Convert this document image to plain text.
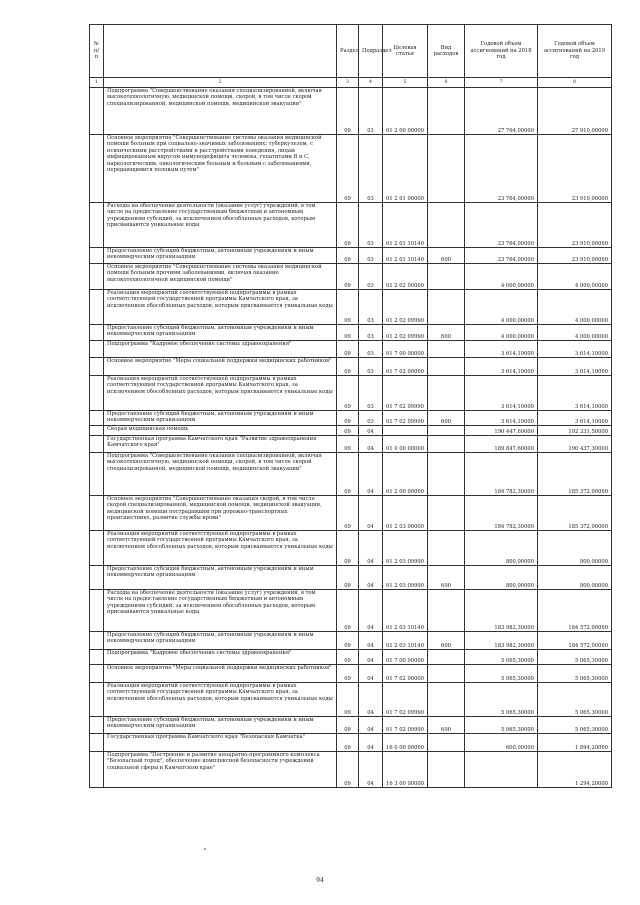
№ п/п		Раздел	Подраздел	Целевая статья	Вид расходов	Годовой объем ассигнований на 2018 год	Годовой объем ассигнований на 2019 год
1	2	3	4	5	6	7	8
	Подпрограмма "Совершенствование оказания специализированной, включая высокотехнологичную, медицинской помощи, скорой, в том числе скорой специализированной, медицинской помощи, медицинской эвакуации"	09	03	01 2 00 00000		27 764,00000	27 910,00000
	Основное мероприятие "Совершенствование системы оказания медицинской помощи больным при социально-значимых заболеваниях: туберкулезом, с психическими расстройствами и расстройствами поведения, лицам инфицированным вирусом иммунодефицита человека, гепатитами В и С, наркологическим, онкологическим больным и больным с заболеваниями, передающимися половым путем"	09	03	01 2 01 00000		23 764,00000	23 910,00000
	Расходы на обеспечение деятельности (оказание услуг) учреждений, в том числе на предоставление государственным бюджетным и автономным учреждениям субсидий, за исключением обособленных расходов, которым присваиваются уникальные коды	09	03	01 2 01 10140		23 764,00000	23 910,00000
	Предоставление субсидий бюджетным, автономным учреждениям и иным некоммерческим организациям	09	03	01 2 01 10140	600	23 764,00000	23 910,00000
	Основное мероприятие "Совершенствование системы оказания медицинской помощи больным прочими заболеваниями, включая оказание высокотехнологичной медицинской помощи"	09	03	01 2 02 00000		4 000,00000	4 000,00000
	Реализация мероприятий соответствующей подпрограммы в рамках соответствующей государственной программы Камчатского края, за исключением обособленных расходов, которым присваиваются уникальные коды	09	03	01 2 02 09990		4 000,00000	4 000,00000
	Предоставление субсидий бюджетным, автономным учреждениям и иным некоммерческим организациям	09	03	01 2 02 09990	600	4 000,00000	4 000,00000
	Подпрограмма "Кадровое обеспечение системы здравоохранения"	09	03	01 7 00 00000		3 614,10000	3 614,10000
	Основное мероприятие "Меры социальной поддержки медицинских работников"	09	03	01 7 02 00000		3 614,10000	3 614,10000
	Реализация мероприятий соответствующей подпрограммы в рамках соответствующей государственной программы Камчатского края, за исключением обособленных расходов, которым присваиваются уникальные коды	09	03	01 7 02 09990		3 614,10000	3 614,10000
	Предоставление субсидий бюджетным, автономным учреждениям и иным некоммерческим организациям	09	03	01 7 02 09990	600	3 614,10000	3 614,10000
	Скорая медицинская помощь	09	04			190 447,60000	192 331,50000
	Государственная программа Камчатского края "Развитие здравоохранения Камчатского края"	09	04	01 0 00 00000		189 847,60000	190 437,30000
	Подпрограмма "Совершенствование оказания специализированной, включая высокотехнологичную, медицинской помощи, скорой, в том числе скорой специализированной, медицинской помощи, медицинской эвакуации"	09	04	01 2 00 00000		184 782,30000	185 372,00000
	Основное мероприятие "Совершенствование оказания скорой, в том числе скорой специализированной, медицинской помощи, медицинской эвакуации, медицинской помощи пострадавшим при дорожно-транспортных происшествиях, развитие службы крови"	09	04	01 2 03 00000		184 782,30000	185 372,00000
	Реализация мероприятий соответствующей подпрограммы в рамках соответствующей государственной программы Камчатского края, за исключением обособленных расходов, которым присваиваются уникальные коды	09	04	01 2 03 09990		800,00000	800,00000
	Предоставление субсидий бюджетным, автономным учреждениям и иным некоммерческим организациям	09	04	01 2 03 09990	600	800,00000	800,00000
	Расходы на обеспечение деятельности (оказание услуг) учреждений, в том числе на предоставление государственным бюджетным и автономным учреждениям субсидий, за исключением обособленных расходов, которым присваиваются уникальные коды	09	04	01 2 03 10140		183 982,30000	184 572,00000
	Предоставление субсидий бюджетным, автономным учреждениям и иным некоммерческим организациям	09	04	01 2 03 10140	600	183 982,30000	184 572,00000
	Подпрограмма "Кадровое обеспечение системы здравоохранения"	09	04	01 7 00 00000		5 065,30000	5 065,30000
	Основное мероприятие "Меры социальной поддержки медицинских работников"	09	04	01 7 02 00000		5 065,30000	5 065,30000
	Реализация мероприятий соответствующей подпрограммы в рамках соответствующей государственной программы Камчатского края, за исключением обособленных расходов, которым присваиваются уникальные коды	09	04	01 7 02 09990		5 065,30000	5 065,30000
	Предоставление субсидий бюджетным, автономным учреждениям и иным некоммерческим организациям	09	04	01 7 02 09990	600	5 065,30000	5 065,30000
	Государственная программа Камчатского края "Безопасная Камчатка"	09	04	16 0 00 00000		600,00000	1 894,20000
	Подпрограмма "Построение и развитие аппаратно-программного комплекса "Безопасный город", обеспечение комплексной безопасности учреждений социальной сферы в Камчатском крае"	09	04	16 3 00 00000			1 294,20000
94
